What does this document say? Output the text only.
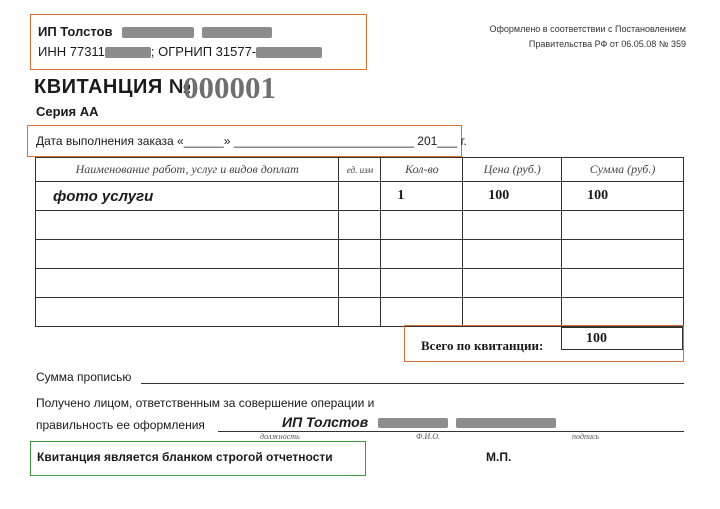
ИП Толстов
ИНН 77311	; ОГРНИП 31577-
Оформлено в соответствии с Постановлением
Правительства РФ от 06.05.08 № 359
КВИТАНЦИЯ №
000001
Серия АА
Дата выполнения заказа «______» ___________________________ 201___ г.
Наименование работ, услуг и видов доплат	ед. изм	Кол-во	Цена (руб.)	Сумма (руб.)
фото услуги		1	100	100

Всего по квитанции:	100
Сумма прописью
Получено лицом, ответственным за совершение операции и
правильность ее оформления	ИП Толстов
должность	Ф.И.О.	подпись
Квитанция является бланком строгой отчетности	М.П.
